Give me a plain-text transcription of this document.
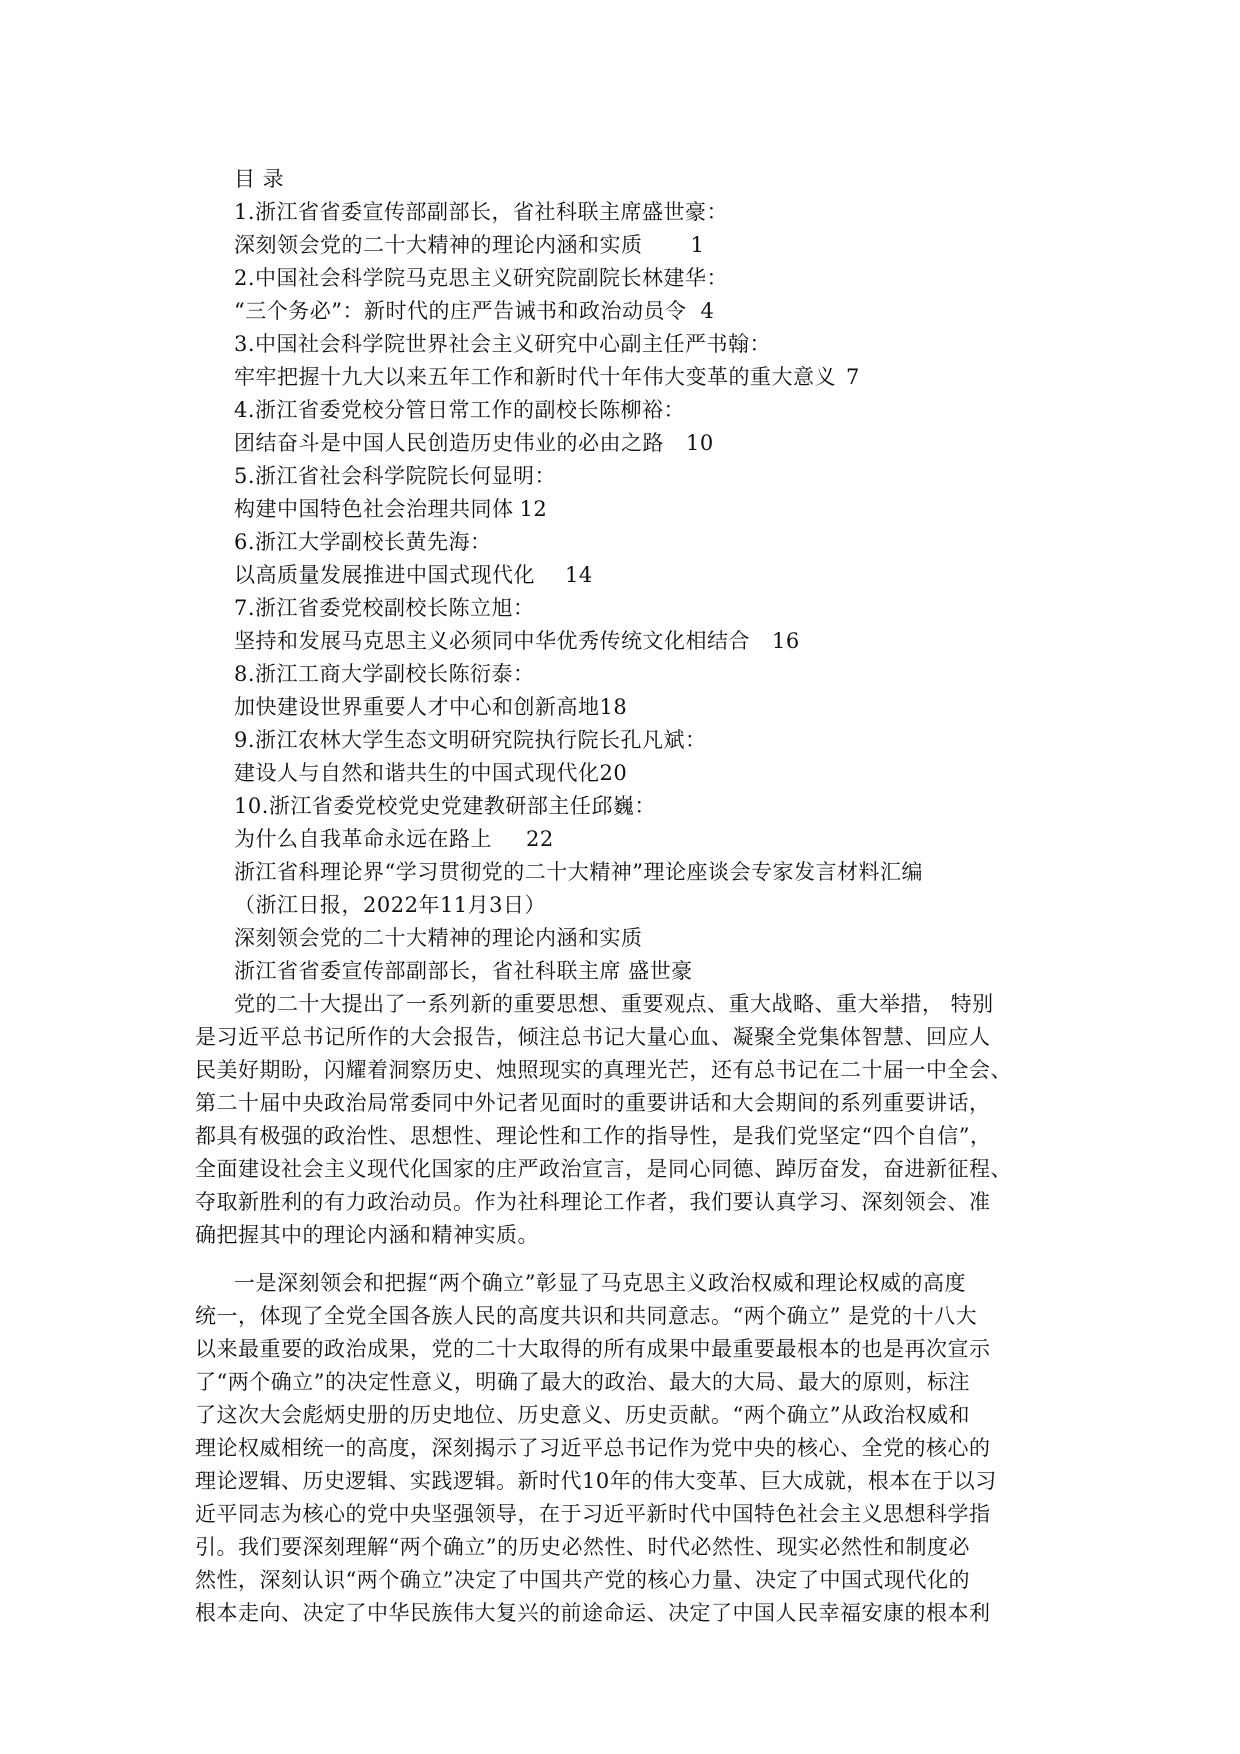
目 录
1.浙江省省委宣传部副部长，省社科联主席盛世豪：
深刻领会党的二十大精神的理论内涵和实质 1
2.中国社会科学院马克思主义研究院副院长林建华：
“三个务必”：新时代的庄严告诫书和政治动员令 4
3.中国社会科学院世界社会主义研究中心副主任严书翰：
牢牢把握十九大以来五年工作和新时代十年伟大变革的重大意义 7
4.浙江省委党校分管日常工作的副校长陈柳裕：
团结奋斗是中国人民创造历史伟业的必由之路 10
5.浙江省社会科学院院长何显明：
构建中国特色社会治理共同体 12
6.浙江大学副校长黄先海：
以高质量发展推进中国式现代化 14
7.浙江省委党校副校长陈立旭：
坚持和发展马克思主义必须同中华优秀传统文化相结合 16
8.浙江工商大学副校长陈衍泰：
加快建设世界重要人才中心和创新高地18
9.浙江农林大学生态文明研究院执行院长孔凡斌：
建设人与自然和谐共生的中国式现代化20
10.浙江省委党校党史党建教研部主任邱巍：
为什么自我革命永远在路上 22
浙江省科理论界“学习贯彻党的二十大精神”理论座谈会专家发言材料汇编
（浙江日报，2022年11月3日）
深刻领会党的二十大精神的理论内涵和实质
浙江省省委宣传部副部长，省社科联主席 盛世豪
党的二十大提出了一系列新的重要思想、重要观点、重大战略、重大举措， 特别
是习近平总书记所作的大会报告，倾注总书记大量心血、凝聚全党集体智慧、回应人
民美好期盼，闪耀着洞察历史、烛照现实的真理光芒，还有总书记在二十届一中全会、
第二十届中央政治局常委同中外记者见面时的重要讲话和大会期间的系列重要讲话，
都具有极强的政治性、思想性、理论性和工作的指导性，是我们党坚定“四个自信”，
全面建设社会主义现代化国家的庄严政治宣言，是同心同德、踔厉奋发，奋进新征程、
夺取新胜利的有力政治动员。作为社科理论工作者，我们要认真学习、深刻领会、准
确把握其中的理论内涵和精神实质。
一是深刻领会和把握“两个确立”彰显了马克思主义政治权威和理论权威的高度
统一，体现了全党全国各族人民的高度共识和共同意志。“两个确立” 是党的十八大
以来最重要的政治成果，党的二十大取得的所有成果中最重要最根本的也是再次宣示
了“两个确立”的决定性意义，明确了最大的政治、最大的大局、最大的原则，标注
了这次大会彪炳史册的历史地位、历史意义、历史贡献。“两个确立”从政治权威和
理论权威相统一的高度，深刻揭示了习近平总书记作为党中央的核心、全党的核心的
理论逻辑、历史逻辑、实践逻辑。新时代10年的伟大变革、巨大成就，根本在于以习
近平同志为核心的党中央坚强领导，在于习近平新时代中国特色社会主义思想科学指
引。我们要深刻理解“两个确立”的历史必然性、时代必然性、现实必然性和制度必
然性，深刻认识“两个确立”决定了中国共产党的核心力量、决定了中国式现代化的
根本走向、决定了中华民族伟大复兴的前途命运、决定了中国人民幸福安康的根本利
